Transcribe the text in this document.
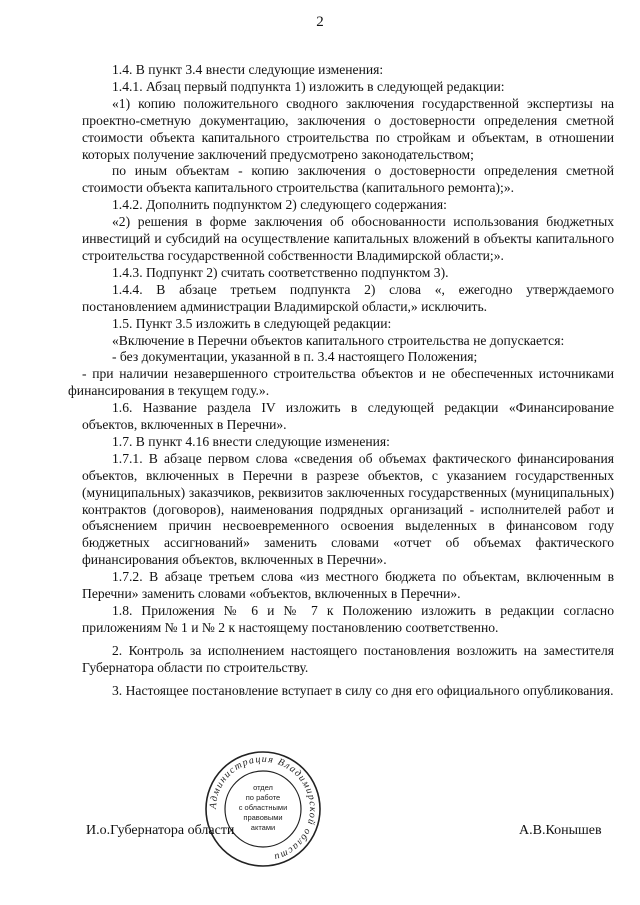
2

1.4. В пункт 3.4 внести следующие изменения:

1.4.1. Абзац первый подпункта 1) изложить в следующей редакции:

«1) копию положительного сводного заключения государственной экспертизы на проектно-сметную документацию, заключения о достоверности определения сметной стоимости объекта капитального строительства по стройкам и объектам, в отношении которых получение заключений предусмотрено законодательством;

по иным объектам - копию заключения о достоверности определения сметной стоимости объекта капитального строительства (капитального ремонта);».

1.4.2. Дополнить подпунктом 2) следующего содержания:

«2) решения в форме заключения об обоснованности использования бюджетных инвестиций и субсидий на осуществление капитальных вложений в объекты капитального строительства государственной собственности Владимирской области;».

1.4.3. Подпункт 2) считать соответственно подпунктом 3).

1.4.4. В абзаце третьем подпункта 2) слова «, ежегодно утверждаемого постановлением администрации Владимирской области,» исключить.

1.5. Пункт 3.5 изложить в следующей редакции:

«Включение в Перечни объектов капитального строительства не допускается:

- без документации, указанной в п. 3.4 настоящего Положения;

- при наличии незавершенного строительства объектов и не обеспеченных источниками финансирования в текущем году.».

1.6. Название раздела IV изложить в следующей редакции «Финансирование объектов, включенных в Перечни».

1.7. В пункт 4.16 внести следующие изменения:

1.7.1. В абзаце первом слова «сведения об объемах фактического финансирования объектов, включенных в Перечни в разрезе объектов, с указанием государственных (муниципальных) заказчиков, реквизитов заключенных государственных (муниципальных) контрактов (договоров), наименования подрядных организаций - исполнителей работ и объяснением причин несвоевременного освоения выделенных в финансовом году бюджетных ассигнований» заменить словами «отчет об объемах фактического финансирования объектов, включенных в Перечни».

1.7.2. В абзаце третьем слова «из местного бюджета по объектам, включенным в Перечни» заменить словами «объектов, включенных в Перечни».

1.8. Приложения № 6 и № 7 к Положению изложить в редакции согласно приложениям № 1 и № 2 к настоящему постановлению соответственно.

2. Контроль за исполнением настоящего постановления возложить на заместителя Губернатора области по строительству.

3. Настоящее постановление вступает в силу со дня его официального опубликования.

Администрация Владимирской области
отдел
по работе
с областными
правовыми
актами
И.о.Губернатора области	А.В.Конышев
